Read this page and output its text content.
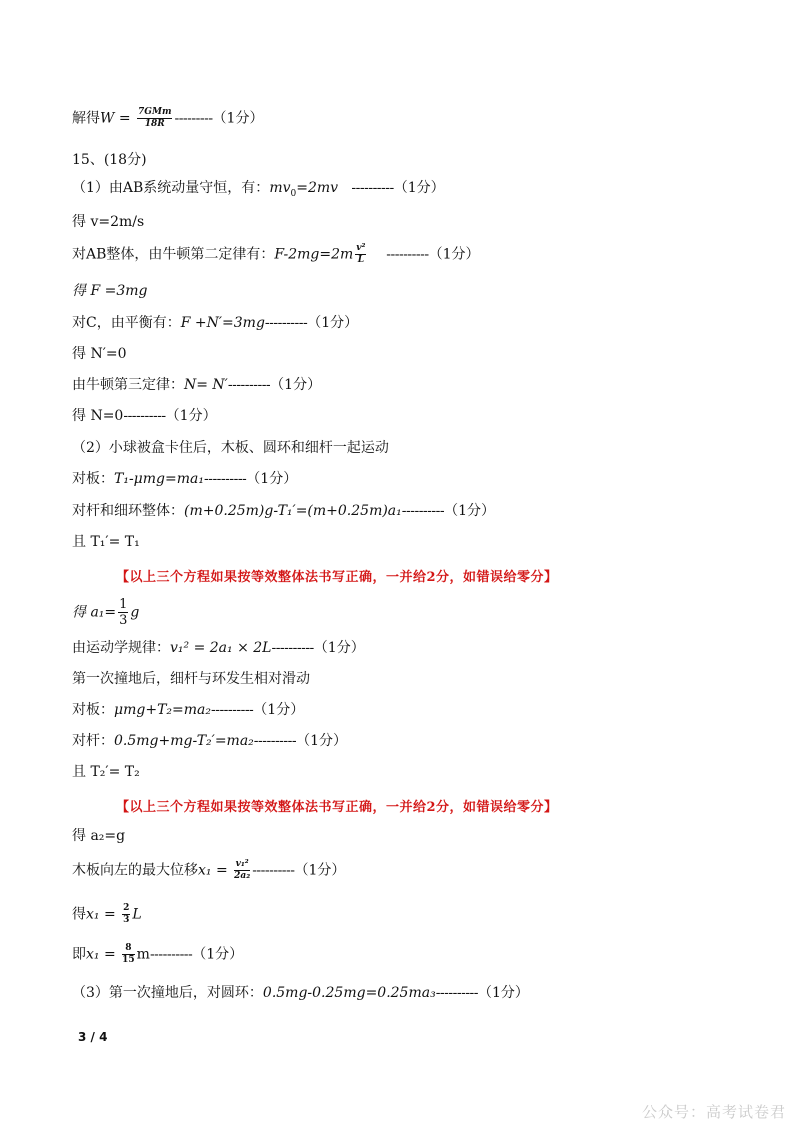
解得$W = \frac{\text{7GMm}}{18R} ---------(1$分）
15、(18分)
（1）由AB系统动量守恒，有：$mv_0=2mv$ ----------（1分）
得 v=2m/s
对AB整体，由牛顿第二定律有：$F-2mg=2m \frac{\text{v²}}{L} ----------(1$分）
得 F =3mg
对C，由平衡有：F +N′=3mg----------（1分）
得 N′=0
由牛顿第三定律：N= N′----------（1分）
得 N=0----------（1分）
（2）小球被盒卡住后，木板、圆环和细杆一起运动
对板：T₁-μmg=ma₁----------（1分）
对杆和细环整体：(m+0.25m)g-T₁′=(m+0.25m)a₁----------（1分）
且 T₁′= T₁
【以上三个方程如果按等效整体法书写正确，一并给2分，如错误给零分】
得 $a_1= \frac{1}{3}$ g
由运动学规律：v₁² = 2a₁ × 2L----------（1分）
第一次撞地后，细杆与环发生相对滑动
对板：μmg+T₂=ma₂----------（1分）
对杆：0.5mg+mg-T₂′=ma₂----------（1分）
且 T₂′= T₂
【以上三个方程如果按等效整体法书写正确，一并给2分，如错误给零分】
得 a₂=g
木板向左的最大位移$x_1 = \frac{\text{v₁²}}{\text{2a₂}} ----------(1$分）
得$x_1 = \frac{2}{3}$ L
即$x_1 = \frac{8}{15} m----------(1$分）
（3）第一次撞地后，对圆环：0.5mg-0.25mg=0.25ma₃----------（1分）
3 / 4
公众号：高考试卷君
